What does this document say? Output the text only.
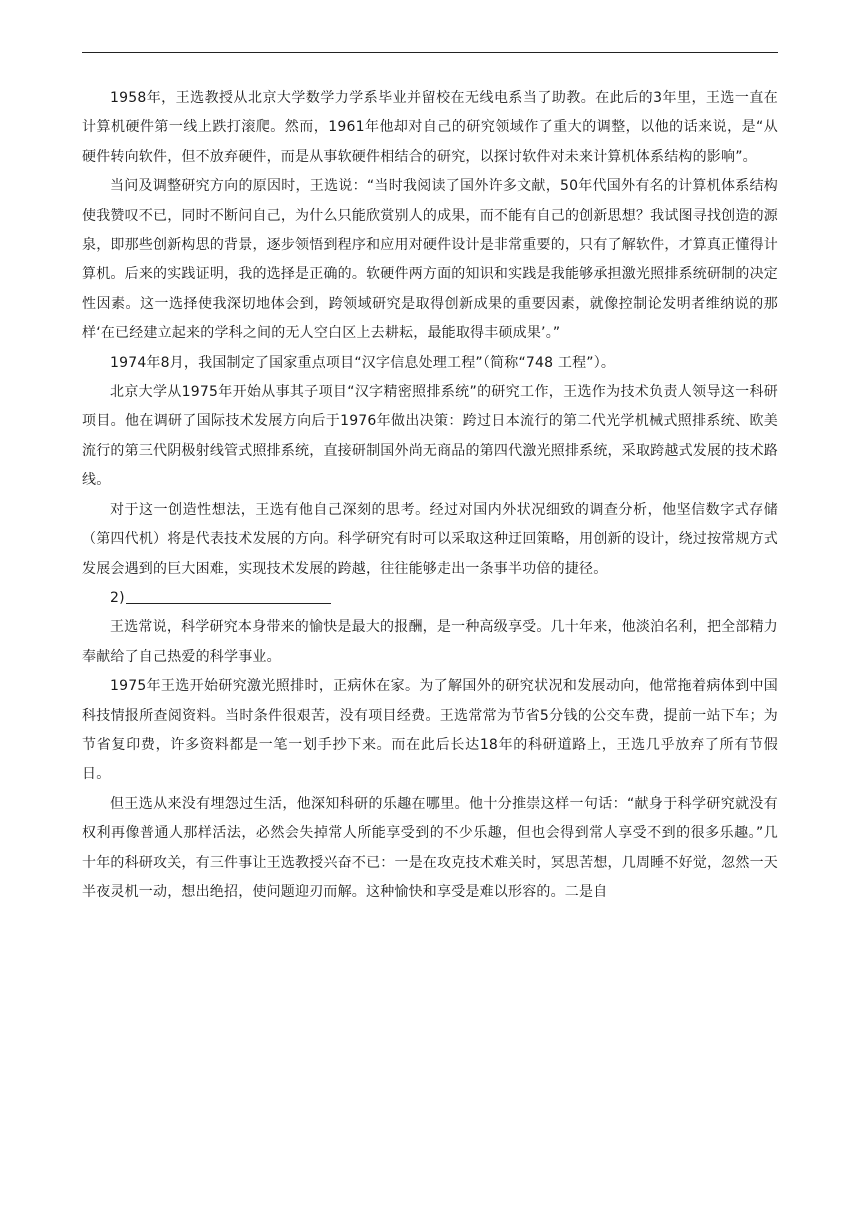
1958年，王选教授从北京大学数学力学系毕业并留校在无线电系当了助教。在此后的3年里，王选一直在计算机硬件第一线上跌打滚爬。然而，1961年他却对自己的研究领域作了重大的调整，以他的话来说，是“从硬件转向软件，但不放弃硬件，而是从事软硬件相结合的研究，以探讨软件对未来计算机体系结构的影响”。

当问及调整研究方向的原因时，王选说：“当时我阅读了国外许多文献，50年代国外有名的计算机体系结构使我赞叹不已，同时不断问自己，为什么只能欣赏别人的成果，而不能有自己的创新思想？我试图寻找创造的源泉，即那些创新构思的背景，逐步领悟到程序和应用对硬件设计是非常重要的，只有了解软件，才算真正懂得计算机。后来的实践证明，我的选择是正确的。软硬件两方面的知识和实践是我能够承担激光照排系统研制的决定性因素。这一选择使我深切地体会到，跨领域研究是取得创新成果的重要因素，就像控制论发明者维纳说的那样‘在已经建立起来的学科之间的无人空白区上去耕耘，最能取得丰硕成果’。”

1974年8月，我国制定了国家重点项目“汉字信息处理工程”（简称“748 工程”）。

北京大学从1975年开始从事其子项目“汉字精密照排系统”的研究工作，王选作为技术负责人领导这一科研项目。他在调研了国际技术发展方向后于1976年做出决策：跨过日本流行的第二代光学机械式照排系统、欧美流行的第三代阴极射线管式照排系统，直接研制国外尚无商品的第四代激光照排系统，采取跨越式发展的技术路线。

对于这一创造性想法，王选有他自己深刻的思考。经过对国内外状况细致的调查分析，他坚信数字式存储（第四代机）将是代表技术发展的方向。科学研究有时可以采取这种迂回策略，用创新的设计，绕过按常规方式发展会遇到的巨大困难，实现技术发展的跨越，往往能够走出一条事半功倍的捷径。

2)

王选常说，科学研究本身带来的愉快是最大的报酬，是一种高级享受。几十年来，他淡泊名利，把全部精力奉献给了自己热爱的科学事业。

1975年王选开始研究激光照排时，正病休在家。为了解国外的研究状况和发展动向，他常拖着病体到中国科技情报所查阅资料。当时条件很艰苦，没有项目经费。王选常常为节省5分钱的公交车费，提前一站下车；为节省复印费，许多资料都是一笔一划手抄下来。而在此后长达18年的科研道路上，王选几乎放弃了所有节假日。

但王选从来没有埋怨过生活，他深知科研的乐趣在哪里。他十分推崇这样一句话：“献身于科学研究就没有权利再像普通人那样活法，必然会失掉常人所能享受到的不少乐趣，但也会得到常人享受不到的很多乐趣。”几十年的科研攻关，有三件事让王选教授兴奋不已：一是在攻克技术难关时，冥思苦想，几周睡不好觉，忽然一天半夜灵机一动，想出绝招，使问题迎刃而解。这种愉快和享受是难以形容的。二是自
